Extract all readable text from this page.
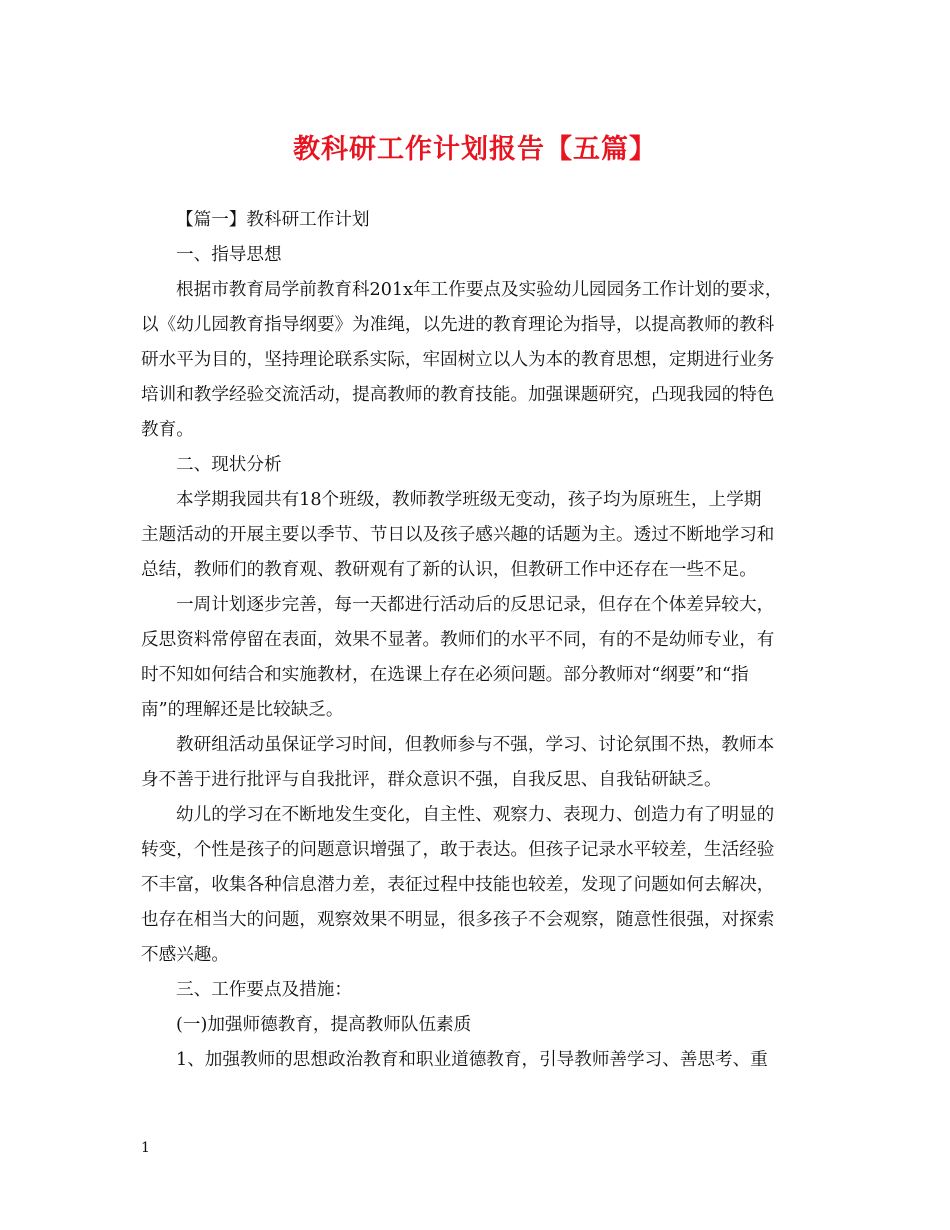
教科研工作计划报告【五篇】
【篇一】教科研工作计划
一、指导思想
根据市教育局学前教育科201x年工作要点及实验幼儿园园务工作计划的要求，
以《幼儿园教育指导纲要》为准绳，以先进的教育理论为指导，以提高教师的教科
研水平为目的，坚持理论联系实际，牢固树立以人为本的教育思想，定期进行业务
培训和教学经验交流活动，提高教师的教育技能。加强课题研究，凸现我园的特色
教育。
二、现状分析
本学期我园共有18个班级，教师教学班级无变动，孩子均为原班生，上学期
主题活动的开展主要以季节、节日以及孩子感兴趣的话题为主。透过不断地学习和
总结，教师们的教育观、教研观有了新的认识，但教研工作中还存在一些不足。
一周计划逐步完善，每一天都进行活动后的反思记录，但存在个体差异较大，
反思资料常停留在表面，效果不显著。教师们的水平不同，有的不是幼师专业，有
时不知如何结合和实施教材，在选课上存在必须问题。部分教师对“纲要”和“指
南”的理解还是比较缺乏。
教研组活动虽保证学习时间，但教师参与不强，学习、讨论氛围不热，教师本
身不善于进行批评与自我批评，群众意识不强，自我反思、自我钻研缺乏。
幼儿的学习在不断地发生变化，自主性、观察力、表现力、创造力有了明显的
转变，个性是孩子的问题意识增强了，敢于表达。但孩子记录水平较差，生活经验
不丰富，收集各种信息潜力差，表征过程中技能也较差，发现了问题如何去解决，
也存在相当大的问题，观察效果不明显，很多孩子不会观察，随意性很强，对探索
不感兴趣。
三、工作要点及措施：
(一)加强师德教育，提高教师队伍素质
1、加强教师的思想政治教育和职业道德教育，引导教师善学习、善思考、重
1
